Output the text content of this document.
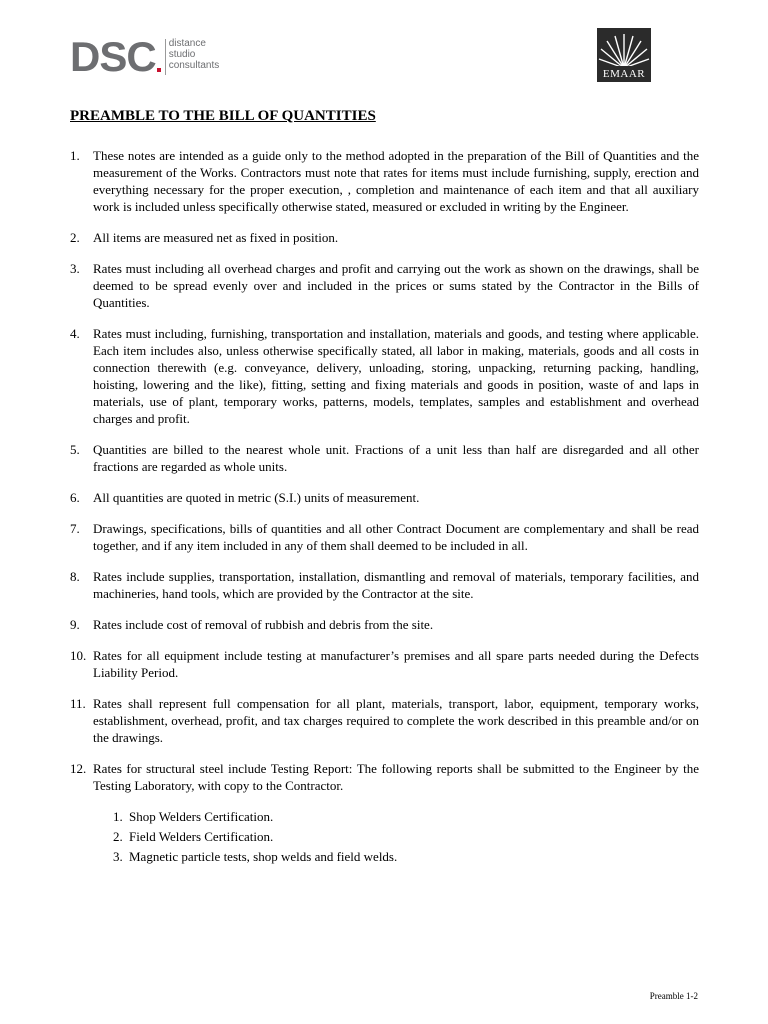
DSC distance
studio
consultants
EMAAR
PREAMBLE TO THE BILL OF QUANTITIES
1. These notes are intended as a guide only to the method adopted in the preparation of the Bill of Quantities and the measurement of the Works. Contractors must note that rates for items must include furnishing, supply, erection and everything necessary for the proper execution, , completion and maintenance of each item and that all auxiliary work is included unless specifically otherwise stated, measured or excluded in writing by the Engineer.
2. All items are measured net as fixed in position.
3. Rates must including all overhead charges and profit and carrying out the work as shown on the drawings, shall be deemed to be spread evenly over and included in the prices or sums stated by the Contractor in the Bills of Quantities.
4. Rates must including, furnishing, transportation and installation, materials and goods, and testing where applicable. Each item includes also, unless otherwise specifically stated, all labor in making, materials, goods and all costs in connection therewith (e.g. conveyance, delivery, unloading, storing, unpacking, returning packing, handling, hoisting, lowering and the like), fitting, setting and fixing materials and goods in position, waste of and laps in materials, use of plant, temporary works, patterns, models, templates, samples and establishment and overhead charges and profit.
5. Quantities are billed to the nearest whole unit. Fractions of a unit less than half are disregarded and all other fractions are regarded as whole units.
6. All quantities are quoted in metric (S.I.) units of measurement.
7. Drawings, specifications, bills of quantities and all other Contract Document are complementary and shall be read together, and if any item included in any of them shall deemed to be included in all.
8. Rates include supplies, transportation, installation, dismantling and removal of materials, temporary facilities, and machineries, hand tools, which are provided by the Contractor at the site.
9. Rates include cost of removal of rubbish and debris from the site.
10. Rates for all equipment include testing at manufacturer’s premises and all spare parts needed during the Defects Liability Period.
11. Rates shall represent full compensation for all plant, materials, transport, labor, equipment, temporary works, establishment, overhead, profit, and tax charges required to complete the work described in this preamble and/or on the drawings.
12. Rates for structural steel include Testing Report: The following reports shall be submitted to the Engineer by the Testing Laboratory, with copy to the Contractor.
1. Shop Welders Certification.
2. Field Welders Certification.
3. Magnetic particle tests, shop welds and field welds.
Preamble 1-2
